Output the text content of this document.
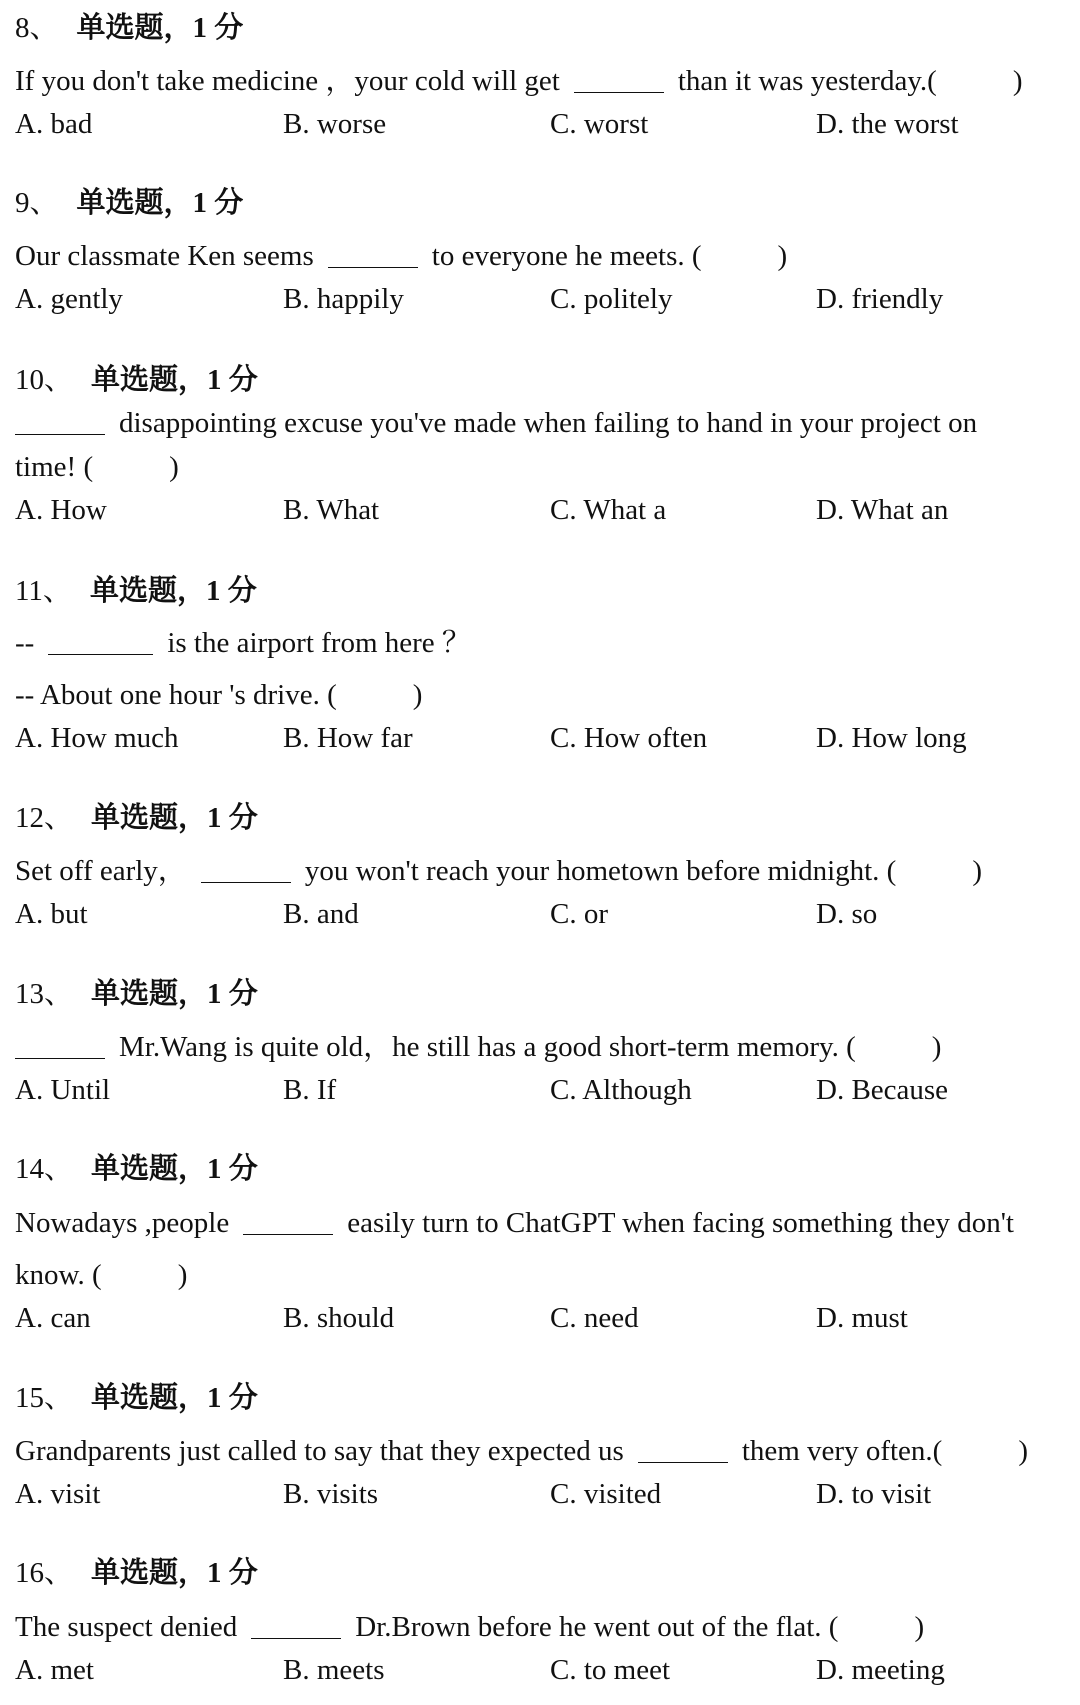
8、 单选题，1 分
If you don't take medicine ，your cold will get	than it was yesterday.(	)
A. bad	B. worse	C. worst	D. the worst
9、 单选题，1 分
Our classmate Ken seems	to everyone he meets. (	)
A. gently	B. happily	C. politely	D. friendly
10、 单选题，1 分
disappointing excuse you've made when failing to hand in your project on
time! (	)
A. How	B. What	C. What a	D. What an
11、 单选题，1 分
--	is the airport from here ？
-- About one hour 's drive. (	)
A. How much	B. How far	C. How often	D. How long
12、 单选题，1 分
Set off early，	you won't reach your hometown before midnight. (	)
A. but	B. and	C. or	D. so
13、 单选题，1 分
Mr.Wang is quite old，he still has a good short-term memory. (	)
A. Until	B. If	C. Although	D. Because
14、 单选题，1 分
Nowadays ,people	easily turn to ChatGPT when facing something they don't
know. (	)
A. can	B. should	C. need	D. must
15、 单选题，1 分
Grandparents just called to say that they expected us	them very often.(	)
A. visit	B. visits	C. visited	D. to visit
16、 单选题，1 分
The suspect denied	Dr.Brown before he went out of the flat. (	)
A. met	B. meets	C. to meet	D. meeting
